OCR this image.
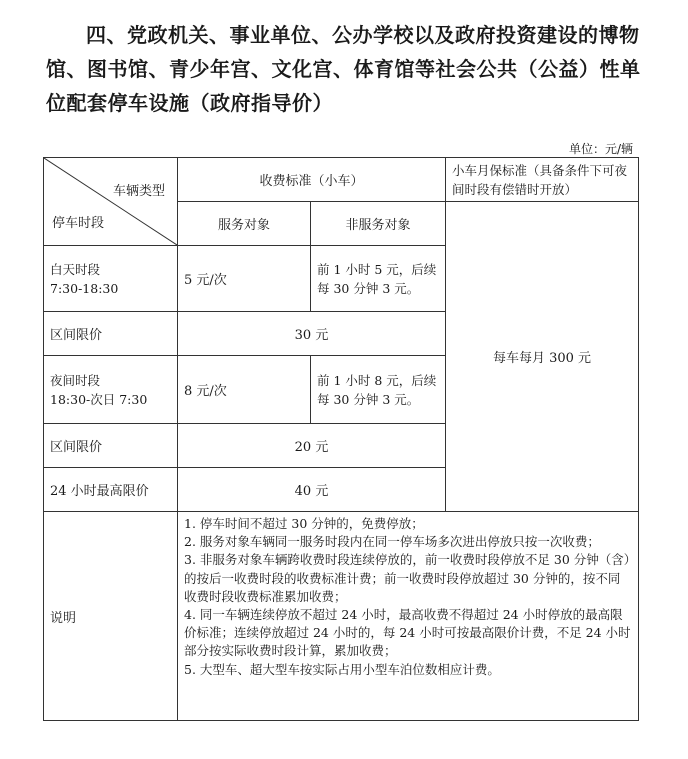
四、党政机关、事业单位、公办学校以及政府投资建设的博物馆、图书馆、青少年宫、文化宫、体育馆等社会公共（公益）性单位配套停车设施（政府指导价）

单位：元/辆
车辆类型
停车时段	收费标准（小车）		小车月保标准（具备条件下可夜间时段有偿错时开放）
	服务对象	非服务对象	每车每月 300 元

白天时段
7:30-18:30	5 元/次	前 1 小时 5 元，后续每 30 分钟 3 元。	
区间限价	30 元		

夜间时段
18:30-次日 7:30	8 元/次	前 1 小时 8 元，后续每 30 分钟 3 元。	
区间限价	20 元		
24 小时最高限价	40 元		
说明	1. 停车时间不超过 30 分钟的，免费停放；

2. 服务对象车辆同一服务时段内在同一停车场多次进出停放只按一次收费；

3. 非服务对象车辆跨收费时段连续停放的，前一收费时段停放不足 30 分钟（含）的按后一收费时段的收费标准计费；前一收费时段停放超过 30 分钟的，按不同收费时段收费标准累加收费；

4. 同一车辆连续停放不超过 24 小时，最高收费不得超过 24 小时停放的最高限价标准；连续停放超过 24 小时的，每 24 小时可按最高限价计费，不足 24 小时部分按实际收费时段计算，累加收费；

5. 大型车、超大型车按实际占用小型车泊位数相应计费。		
